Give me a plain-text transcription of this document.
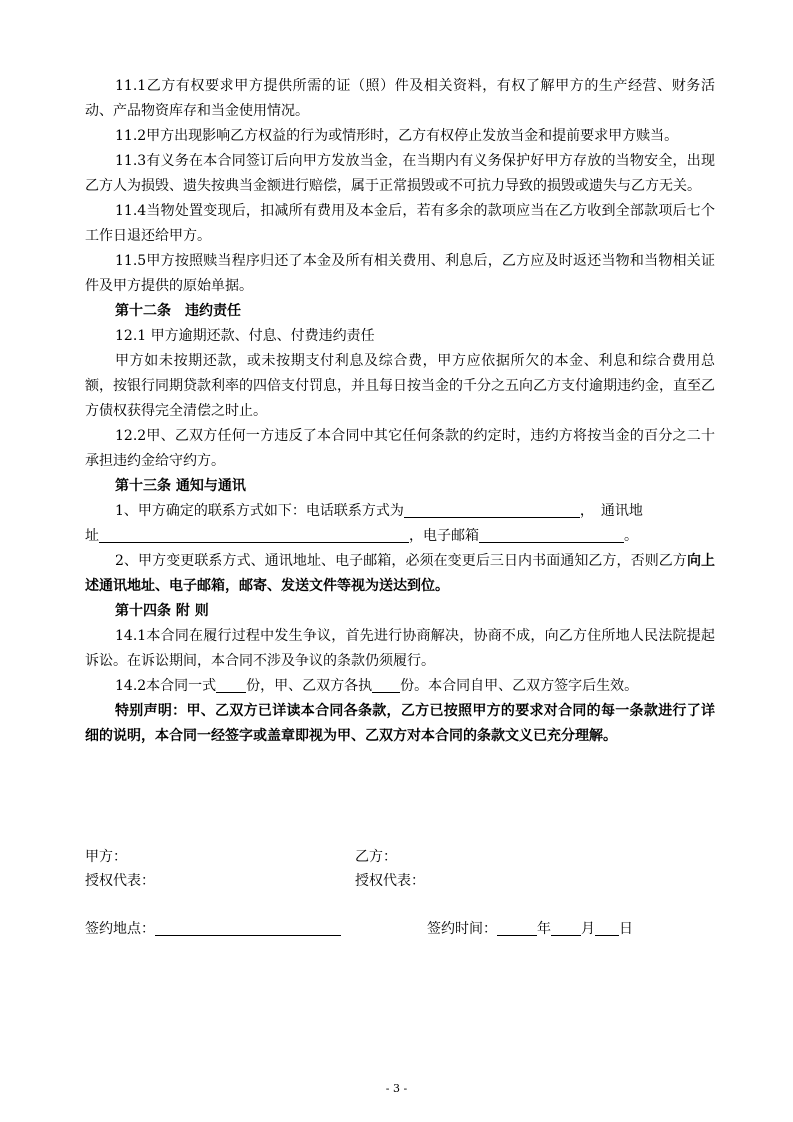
11.1乙方有权要求甲方提供所需的证（照）件及相关资料，有权了解甲方的生产经营、财务活动、产品物资库存和当金使用情况。

11.2甲方出现影响乙方权益的行为或情形时，乙方有权停止发放当金和提前要求甲方赎当。

11.3有义务在本合同签订后向甲方发放当金，在当期内有义务保护好甲方存放的当物安全，出现乙方人为损毁、遗失按典当金额进行赔偿，属于正常损毁或不可抗力导致的损毁或遗失与乙方无关。

11.4当物处置变现后，扣减所有费用及本金后，若有多余的款项应当在乙方收到全部款项后七个工作日退还给甲方。

11.5甲方按照赎当程序归还了本金及所有相关费用、利息后，乙方应及时返还当物和当物相关证件及甲方提供的原始单据。

第十二条　违约责任

12.1 甲方逾期还款、付息、付费违约责任

甲方如未按期还款，或未按期支付利息及综合费，甲方应依据所欠的本金、利息和综合费用总额，按银行同期贷款利率的四倍支付罚息，并且每日按当金的千分之五向乙方支付逾期违约金，直至乙方债权获得完全清偿之时止。

12.2甲、乙双方任何一方违反了本合同中其它任何条款的约定时，违约方将按当金的百分之二十承担违约金给守约方。

第十三条 通知与通讯

1、甲方确定的联系方式如下：电话联系方式为	，　通讯地

址	，电子邮箱	。

2、甲方变更联系方式、通讯地址、电子邮箱，必须在变更后三日内书面通知乙方，否则乙方向上述通讯地址、电子邮箱，邮寄、发送文件等视为送达到位。

第十四条 附 则

14.1本合同在履行过程中发生争议，首先进行协商解决，协商不成，向乙方住所地人民法院提起诉讼。在诉讼期间，本合同不涉及争议的条款仍须履行。

14.2本合同一式 份，甲、乙双方各执 份。本合同自甲、乙双方签字后生效。

特别声明：甲、乙双方已详读本合同各条款，乙方已按照甲方的要求对合同的每一条款进行了详细的说明，本合同一经签字或盖章即视为甲、乙双方对本合同的条款文义已充分理解。

甲方：	乙方：
授权代表：	授权代表：
签约地点：	签约时间：	年 月 日
- 3 -
